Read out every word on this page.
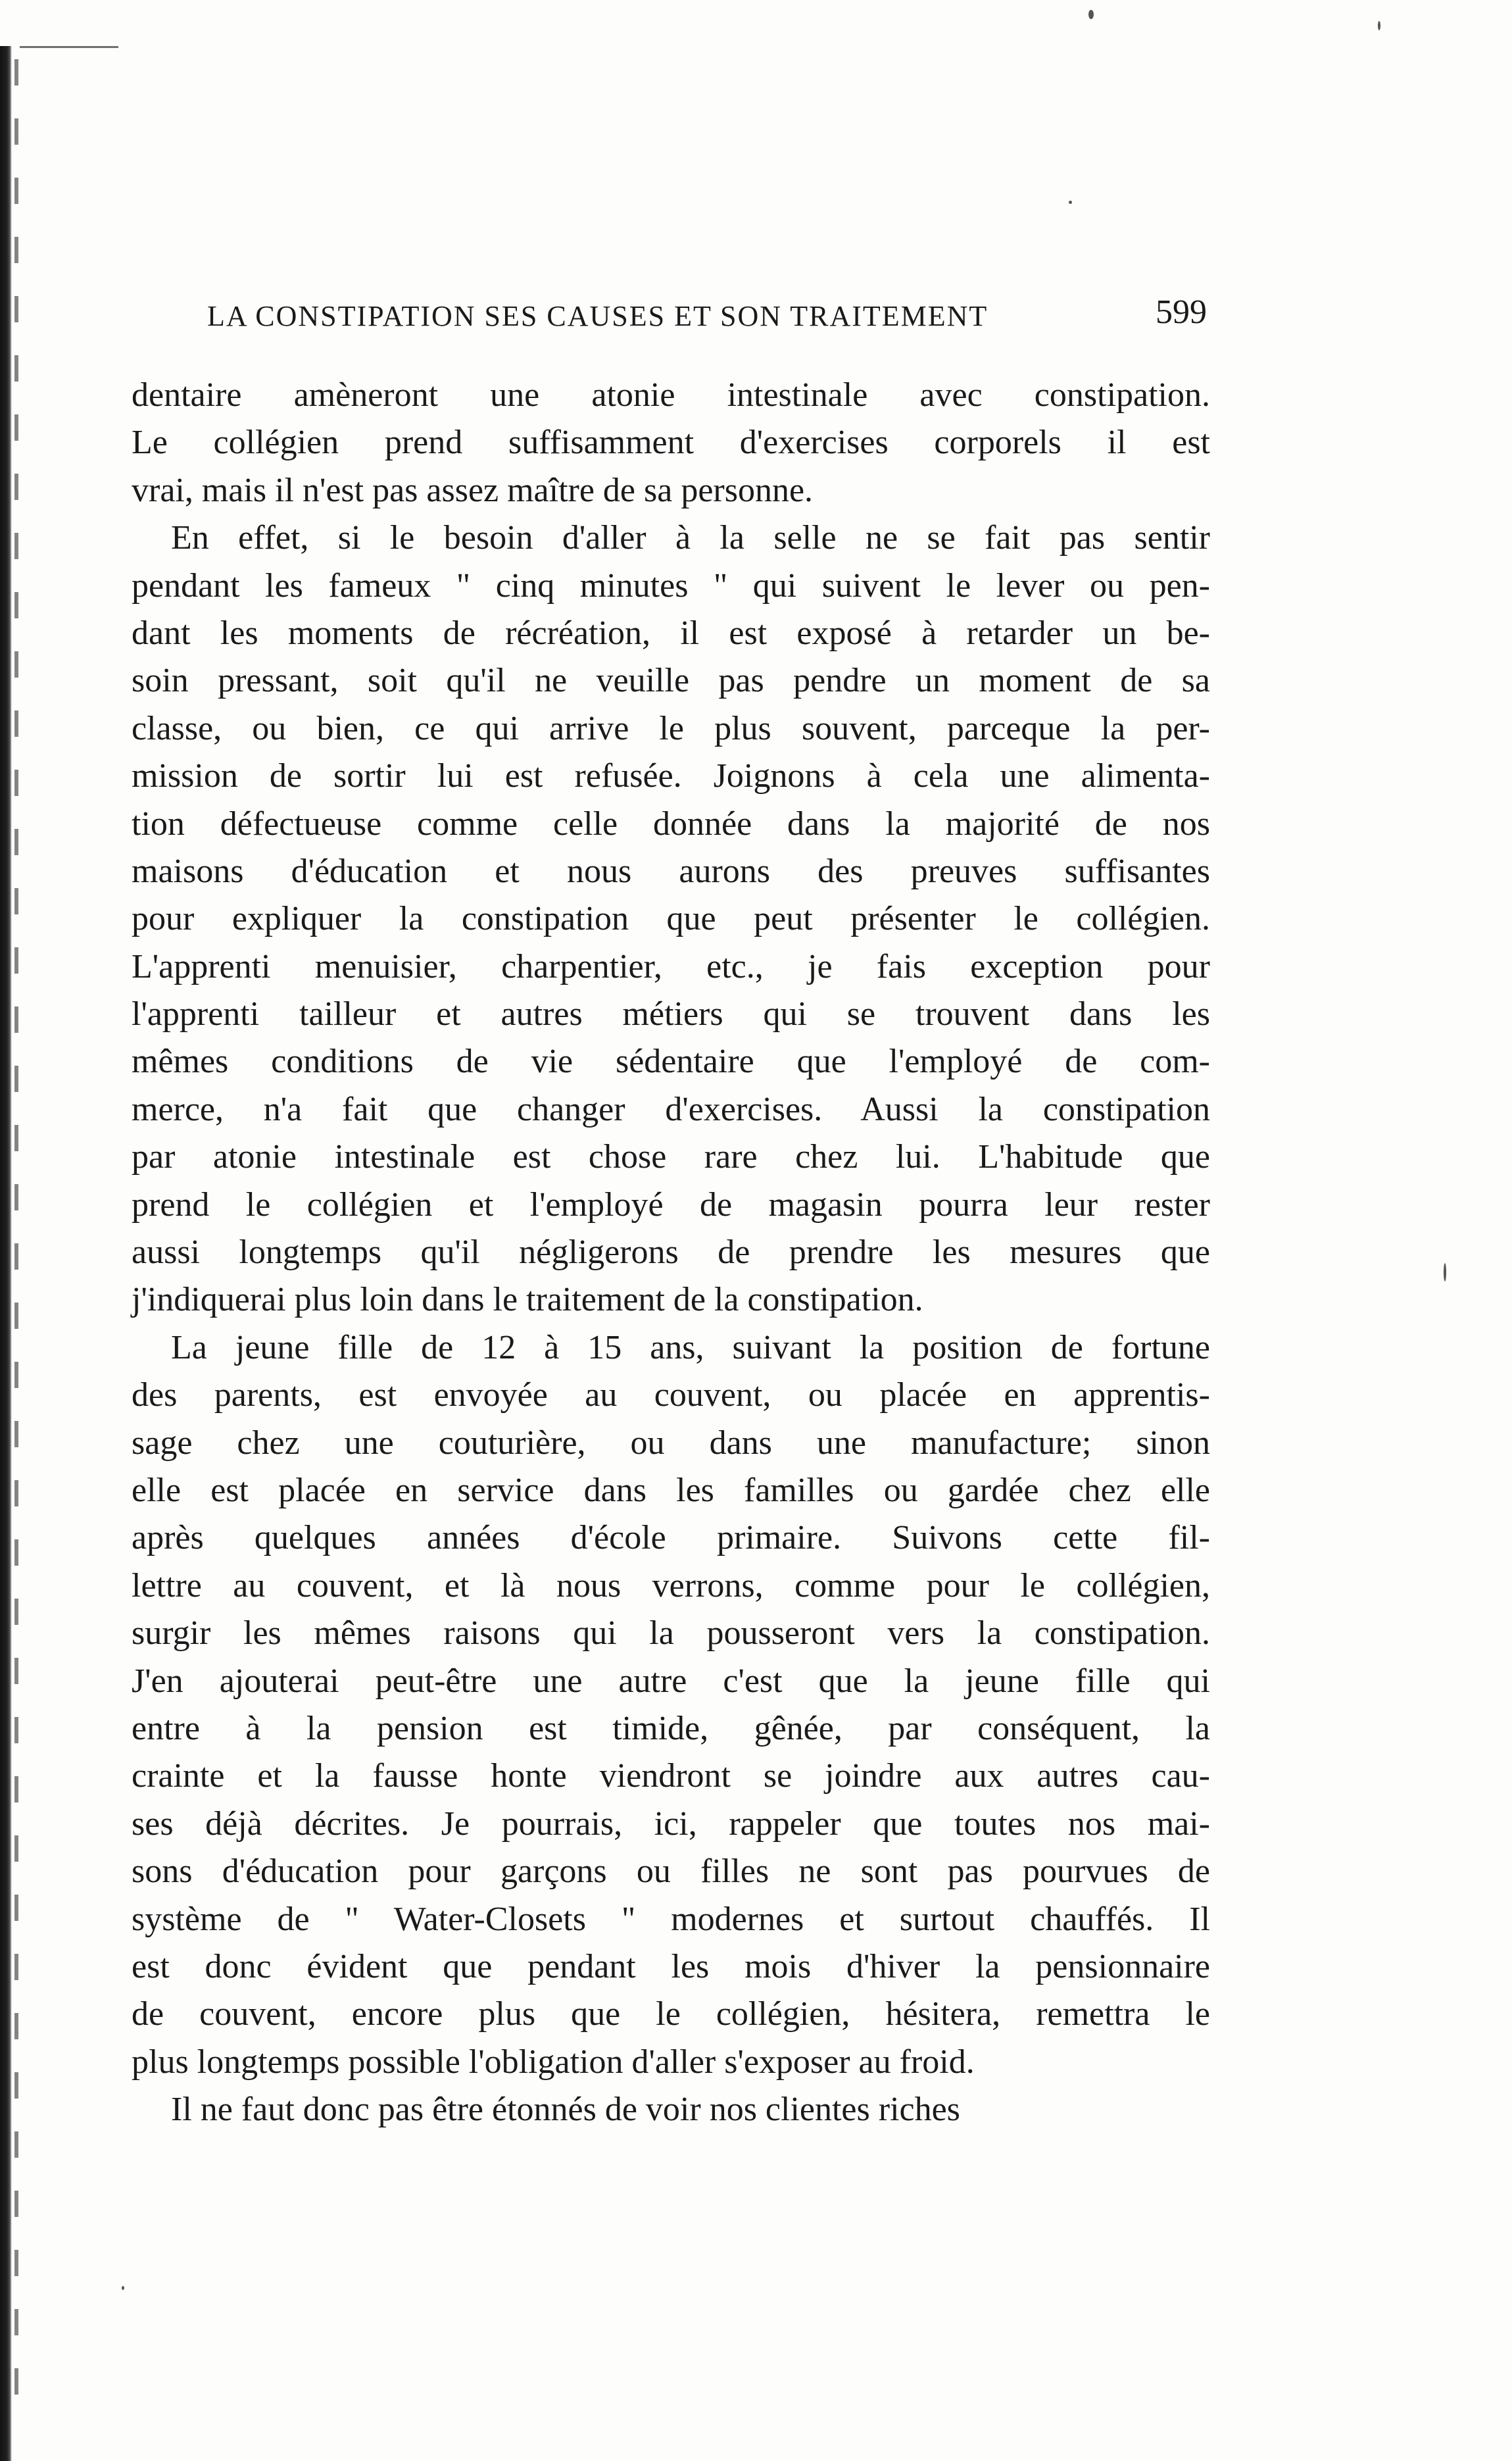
LA CONSTIPATION SES CAUSES ET SON TRAITEMENT	599
dentaire amèneront une atonie intestinale avec constipation.
Le collégien prend suffisamment d'exercises corporels il est
vrai, mais il n'est pas assez maître de sa personne.
En effet, si le besoin d'aller à la selle ne se fait pas sentir
pendant les fameux " cinq minutes " qui suivent le lever ou pen-
dant les moments de récréation, il est exposé à retarder un be-
soin pressant, soit qu'il ne veuille pas pendre un moment de sa
classe, ou bien, ce qui arrive le plus souvent, parceque la per-
mission de sortir lui est refusée. Joignons à cela une alimenta-
tion défectueuse comme celle donnée dans la majorité de nos
maisons d'éducation et nous aurons des preuves suffisantes
pour expliquer la constipation que peut présenter le collégien.
L'apprenti menuisier, charpentier, etc., je fais exception pour
l'apprenti tailleur et autres métiers qui se trouvent dans les
mêmes conditions de vie sédentaire que l'employé de com-
merce, n'a fait que changer d'exercises. Aussi la constipation
par atonie intestinale est chose rare chez lui. L'habitude que
prend le collégien et l'employé de magasin pourra leur rester
aussi longtemps qu'il négligerons de prendre les mesures que
j'indiquerai plus loin dans le traitement de la constipation.
La jeune fille de 12 à 15 ans, suivant la position de fortune
des parents, est envoyée au couvent, ou placée en apprentis-
sage chez une couturière, ou dans une manufacture; sinon
elle est placée en service dans les familles ou gardée chez elle
après quelques années d'école primaire. Suivons cette fil-
lettre au couvent, et là nous verrons, comme pour le collégien,
surgir les mêmes raisons qui la pousseront vers la constipation.
J'en ajouterai peut-être une autre c'est que la jeune fille qui
entre à la pension est timide, gênée, par conséquent, la
crainte et la fausse honte viendront se joindre aux autres cau-
ses déjà décrites. Je pourrais, ici, rappeler que toutes nos mai-
sons d'éducation pour garçons ou filles ne sont pas pourvues de
système de " Water-Closets " modernes et surtout chauffés. Il
est donc évident que pendant les mois d'hiver la pensionnaire
de couvent, encore plus que le collégien, hésitera, remettra le
plus longtemps possible l'obligation d'aller s'exposer au froid.
Il ne faut donc pas être étonnés de voir nos clientes riches
